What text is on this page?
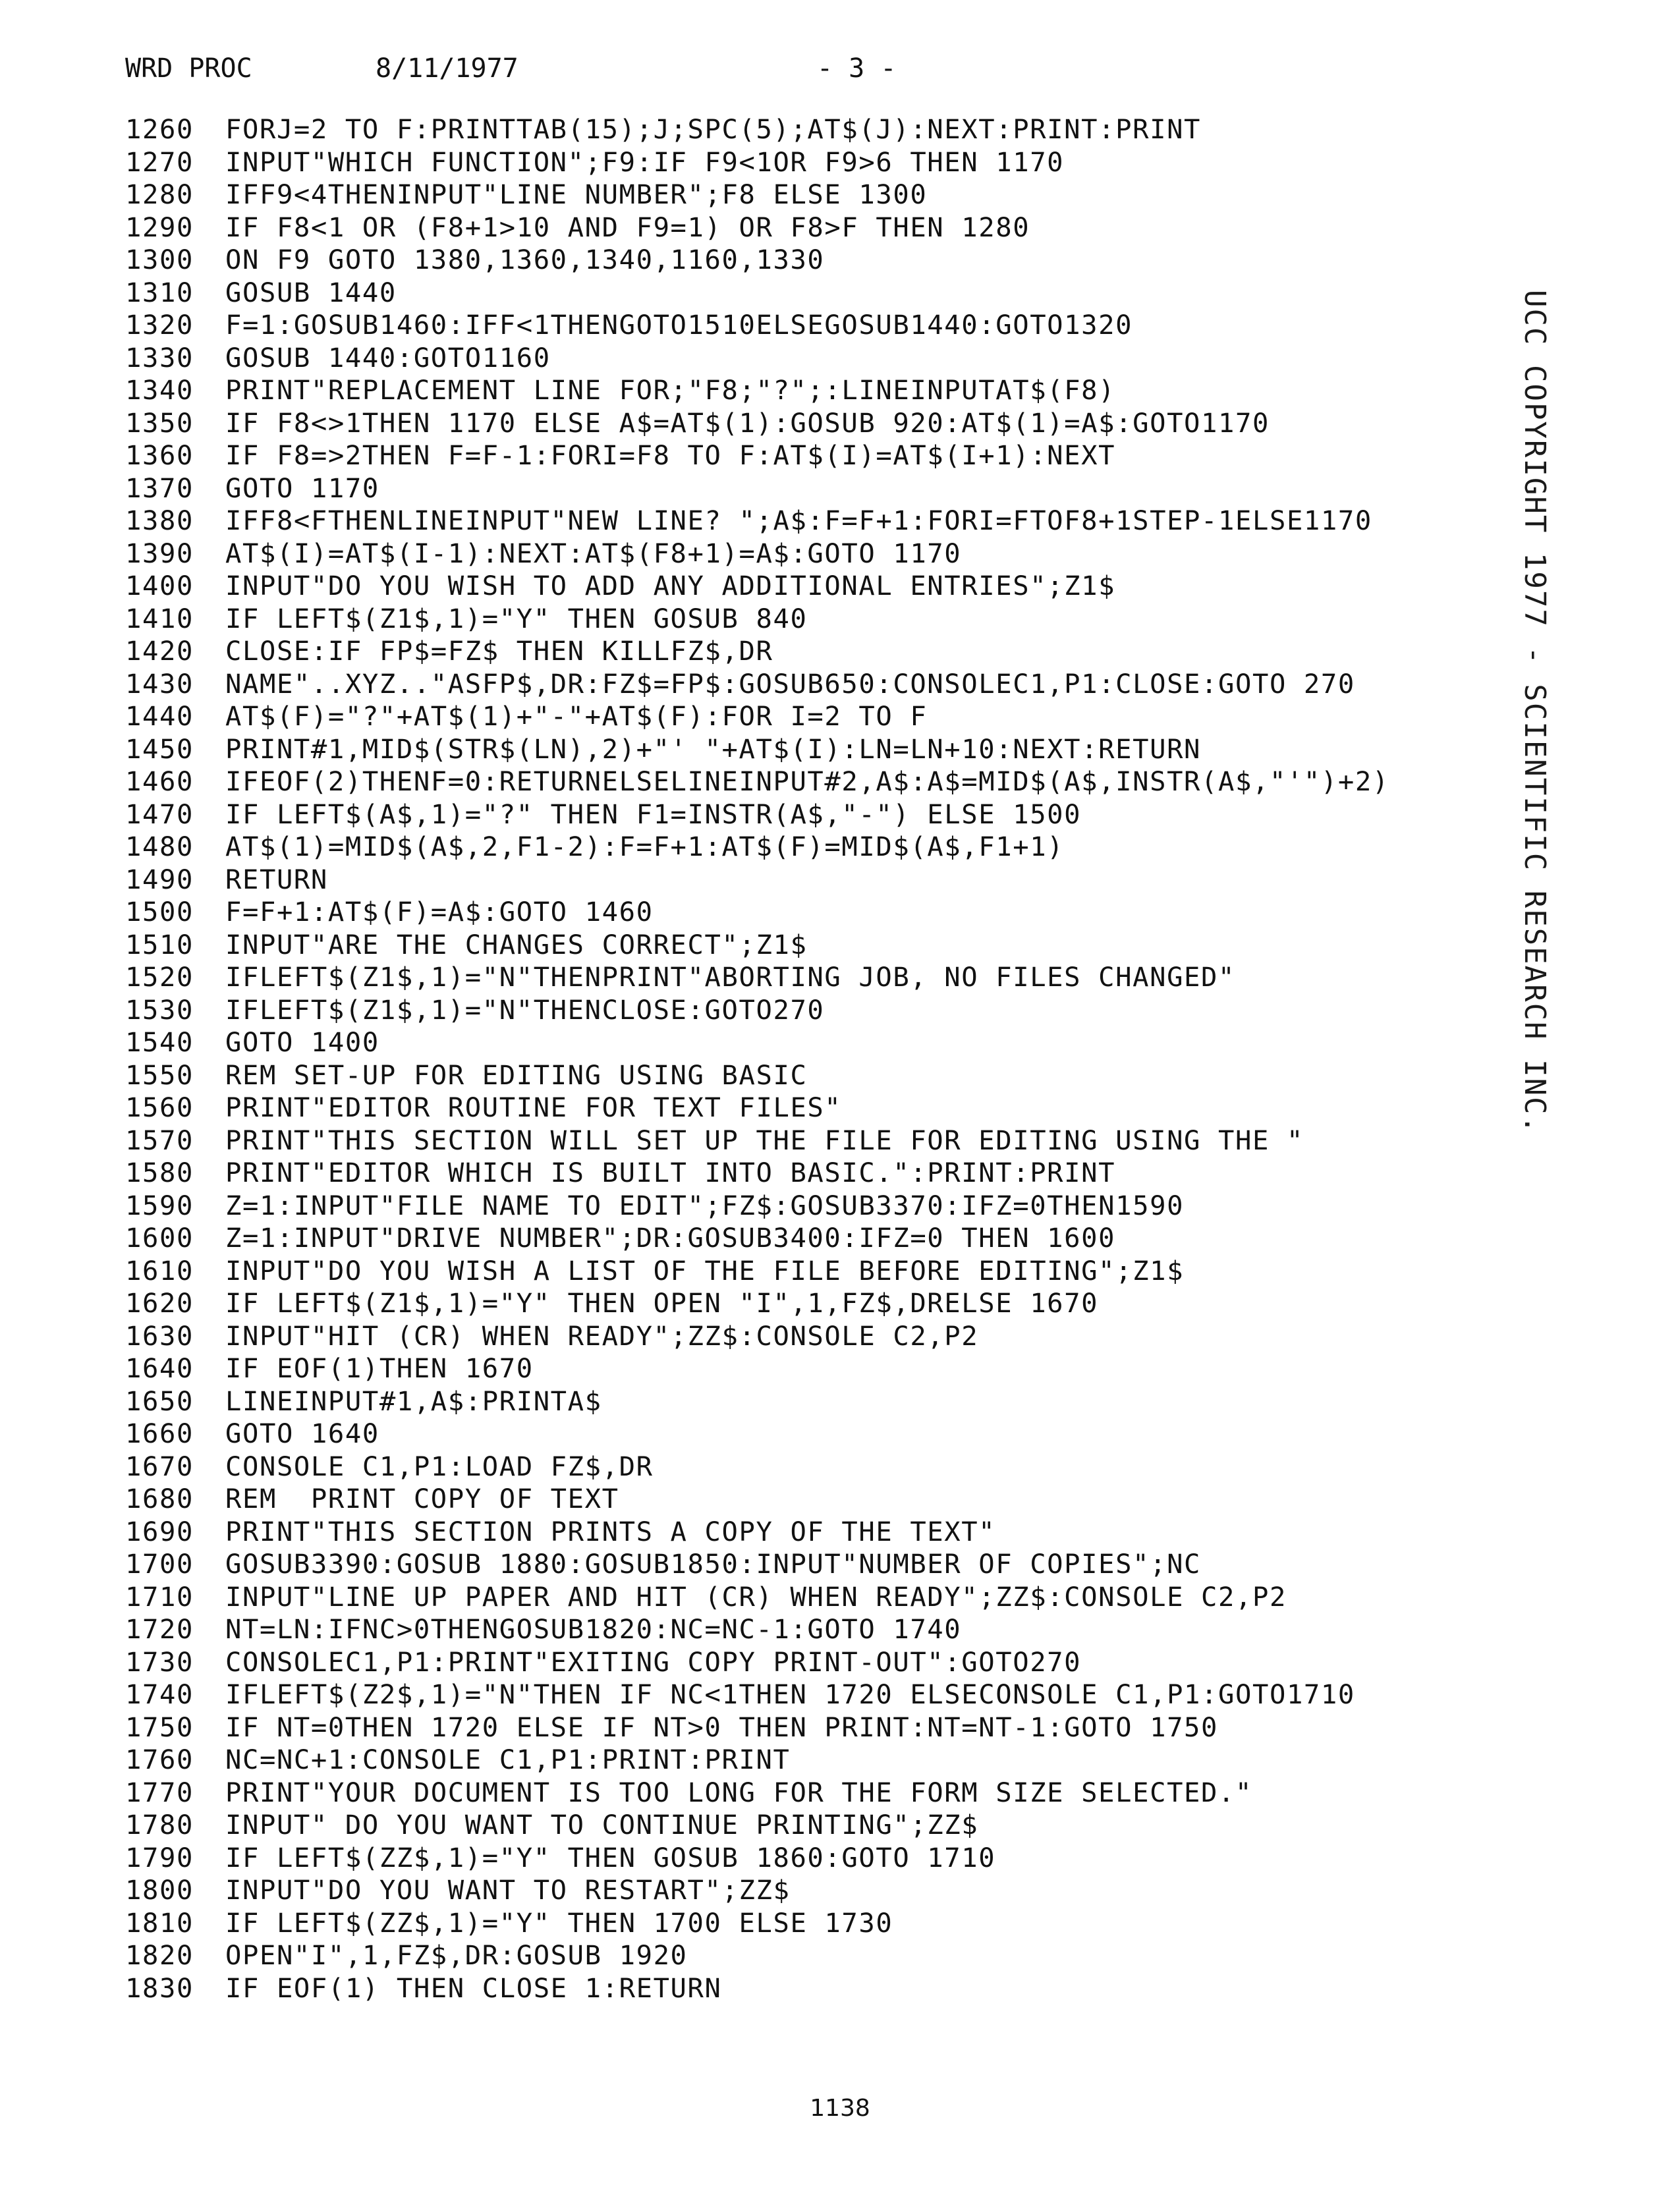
WRD PROC

	8/11/1977

	- 3 -

1260	FORJ=2 TO F:PRINTTAB(15);J;SPC(5);AT$(J):NEXT:PRINT:PRINT
1270	INPUT"WHICH FUNCTION";F9:IF F9<1OR F9>6 THEN 1170
1280	IFF9<4THENINPUT"LINE NUMBER";F8 ELSE 1300
1290	IF F8<1 OR (F8+1>10 AND F9=1) OR F8>F THEN 1280
1300	ON F9 GOTO 1380,1360,1340,1160,1330
1310	GOSUB 1440
1320	F=1:GOSUB1460:IFF<1THENGOTO1510ELSEGOSUB1440:GOTO1320
1330	GOSUB 1440:GOTO1160
1340	PRINT"REPLACEMENT LINE FOR;"F8;"?";:LINEINPUTAT$(F8)
1350	IF F8<>1THEN 1170 ELSE A$=AT$(1):GOSUB 920:AT$(1)=A$:GOTO1170
1360	IF F8=>2THEN F=F-1:FORI=F8 TO F:AT$(I)=AT$(I+1):NEXT
1370	GOTO 1170
1380	IFF8<FTHENLINEINPUT"NEW LINE? ";A$:F=F+1:FORI=FTOF8+1STEP-1ELSE1170
1390	AT$(I)=AT$(I-1):NEXT:AT$(F8+1)=A$:GOTO 1170
1400	INPUT"DO YOU WISH TO ADD ANY ADDITIONAL ENTRIES";Z1$
1410	IF LEFT$(Z1$,1)="Y" THEN GOSUB 840
1420	CLOSE:IF FP$=FZ$ THEN KILLFZ$,DR
1430	NAME"..XYZ.."ASFP$,DR:FZ$=FP$:GOSUB650:CONSOLEC1,P1:CLOSE:GOTO 270
1440	AT$(F)="?"+AT$(1)+"-"+AT$(F):FOR I=2 TO F
1450	PRINT#1,MID$(STR$(LN),2)+"' "+AT$(I):LN=LN+10:NEXT:RETURN
1460	IFEOF(2)THENF=0:RETURNELSELINEINPUT#2,A$:A$=MID$(A$,INSTR(A$,"'")+2)
1470	IF LEFT$(A$,1)="?" THEN F1=INSTR(A$,"-") ELSE 1500
1480	AT$(1)=MID$(A$,2,F1-2):F=F+1:AT$(F)=MID$(A$,F1+1)
1490	RETURN
1500	F=F+1:AT$(F)=A$:GOTO 1460
1510	INPUT"ARE THE CHANGES CORRECT";Z1$
1520	IFLEFT$(Z1$,1)="N"THENPRINT"ABORTING JOB, NO FILES CHANGED"
1530	IFLEFT$(Z1$,1)="N"THENCLOSE:GOTO270
1540	GOTO 1400
1550	REM SET-UP FOR EDITING USING BASIC
1560	PRINT"EDITOR ROUTINE FOR TEXT FILES"
1570	PRINT"THIS SECTION WILL SET UP THE FILE FOR EDITING USING THE "
1580	PRINT"EDITOR WHICH IS BUILT INTO BASIC.":PRINT:PRINT
1590	Z=1:INPUT"FILE NAME TO EDIT";FZ$:GOSUB3370:IFZ=0THEN1590
1600	Z=1:INPUT"DRIVE NUMBER";DR:GOSUB3400:IFZ=0 THEN 1600
1610	INPUT"DO YOU WISH A LIST OF THE FILE BEFORE EDITING";Z1$
1620	IF LEFT$(Z1$,1)="Y" THEN OPEN "I",1,FZ$,DRELSE 1670
1630	INPUT"HIT (CR) WHEN READY";ZZ$:CONSOLE C2,P2
1640	IF EOF(1)THEN 1670
1650	LINEINPUT#1,A$:PRINTA$
1660	GOTO 1640
1670	CONSOLE C1,P1:LOAD FZ$,DR
1680	REM  PRINT COPY OF TEXT
1690	PRINT"THIS SECTION PRINTS A COPY OF THE TEXT"
1700	GOSUB3390:GOSUB 1880:GOSUB1850:INPUT"NUMBER OF COPIES";NC
1710	INPUT"LINE UP PAPER AND HIT (CR) WHEN READY";ZZ$:CONSOLE C2,P2
1720	NT=LN:IFNC>0THENGOSUB1820:NC=NC-1:GOTO 1740
1730	CONSOLEC1,P1:PRINT"EXITING COPY PRINT-OUT":GOTO270
1740	IFLEFT$(Z2$,1)="N"THEN IF NC<1THEN 1720 ELSECONSOLE C1,P1:GOTO1710
1750	IF NT=0THEN 1720 ELSE IF NT>0 THEN PRINT:NT=NT-1:GOTO 1750
1760	NC=NC+1:CONSOLE C1,P1:PRINT:PRINT
1770	PRINT"YOUR DOCUMENT IS TOO LONG FOR THE FORM SIZE SELECTED."
1780	INPUT" DO YOU WANT TO CONTINUE PRINTING";ZZ$
1790	IF LEFT$(ZZ$,1)="Y" THEN GOSUB 1860:GOTO 1710
1800	INPUT"DO YOU WANT TO RESTART";ZZ$
1810	IF LEFT$(ZZ$,1)="Y" THEN 1700 ELSE 1730
1820	OPEN"I",1,FZ$,DR:GOSUB 1920
1830	IF EOF(1) THEN CLOSE 1:RETURN
UCC COPYRIGHT 1977 - SCIENTIFIC RESEARCH INC.
1138
